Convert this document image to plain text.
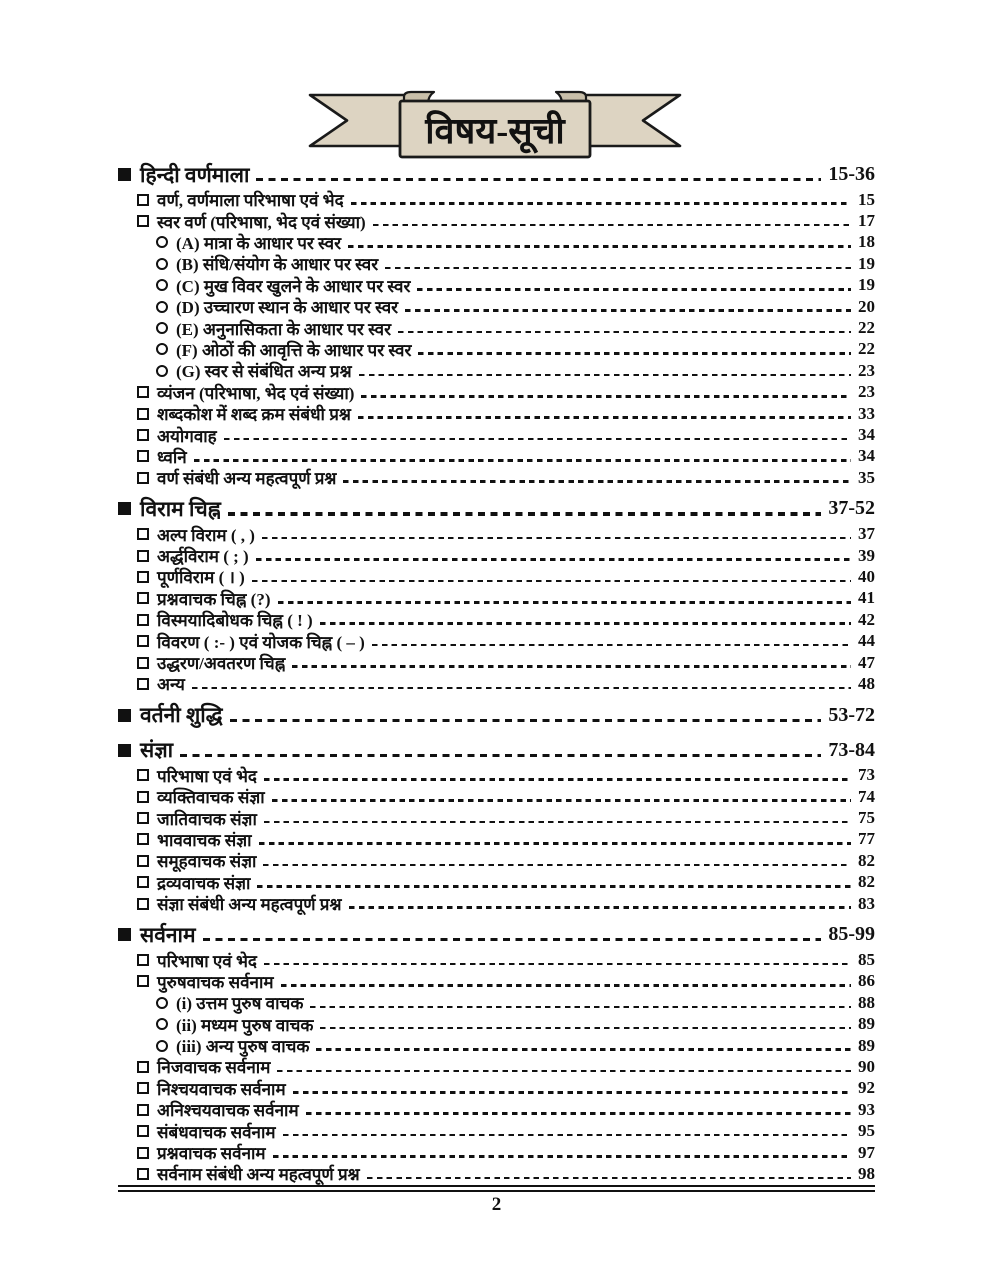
विषय-सूची
हिन्दी वर्णमाला	15-36
वर्ण, वर्णमाला परिभाषा एवं भेद	15
स्वर वर्ण (परिभाषा, भेद एवं संख्या)	17
(A) मात्रा के आधार पर स्वर	18
(B) संधि/संयोग के आधार पर स्वर	19
(C) मुख विवर खुलने के आधार पर स्वर	19
(D) उच्चारण स्थान के आधार पर स्वर	20
(E) अनुनासिकता के आधार पर स्वर	22
(F) ओठों की आवृत्ति के आधार पर स्वर	22
(G) स्वर से संबंधित अन्य प्रश्न	23
व्यंजन (परिभाषा, भेद एवं संख्या)	23
शब्दकोश में शब्द क्रम संबंधी प्रश्न	33
अयोगवाह	34
ध्वनि	34
वर्ण संबंधी अन्य महत्वपूर्ण प्रश्न	35
विराम चिह्न	37-52
अल्प विराम ( , )	37
अर्द्धविराम ( ; )	39
पूर्णविराम ( । )	40
प्रश्नवाचक चिह्न (?)	41
विस्मयादिबोधक चिह्न ( ! )	42
विवरण ( :- ) एवं योजक चिह्न ( – )	44
उद्धरण/अवतरण चिह्न	47
अन्य	48
वर्तनी शुद्धि	53-72
संज्ञा	73-84
परिभाषा एवं भेद	73
व्यक्तिवाचक संज्ञा	74
जातिवाचक संज्ञा	75
भाववाचक संज्ञा	77
समूहवाचक संज्ञा	82
द्रव्यवाचक संज्ञा	82
संज्ञा संबंधी अन्य महत्वपूर्ण प्रश्न	83
सर्वनाम	85-99
परिभाषा एवं भेद	85
पुरुषवाचक सर्वनाम	86
(i) उत्तम पुरुष वाचक	88
(ii) मध्यम पुरुष वाचक	89
(iii) अन्य पुरुष वाचक	89
निजवाचक सर्वनाम	90
निश्चयवाचक सर्वनाम	92
अनिश्चयवाचक सर्वनाम	93
संबंधवाचक सर्वनाम	95
प्रश्नवाचक सर्वनाम	97
सर्वनाम संबंधी अन्य महत्वपूर्ण प्रश्न	98
2
